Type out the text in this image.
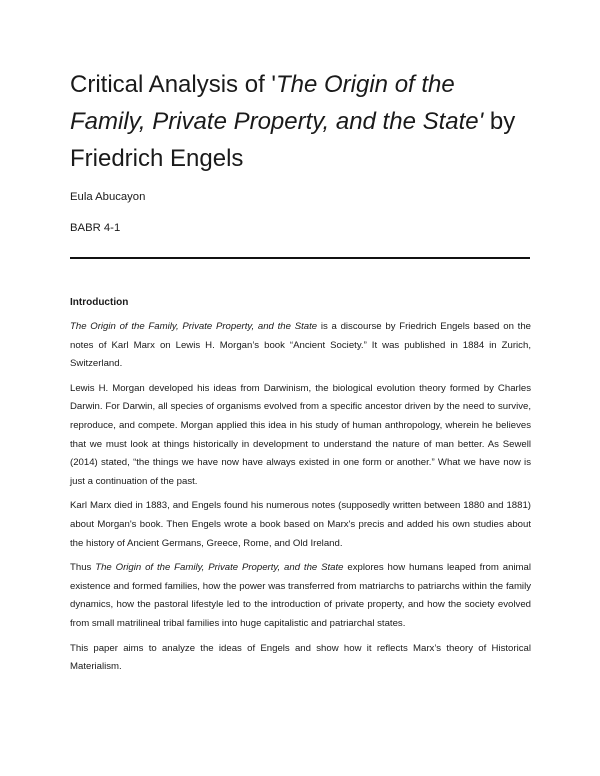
Critical Analysis of 'The Origin of the Family, Private Property, and the State' by Friedrich Engels

Eula Abucayon

BABR 4-1

Introduction

The Origin of the Family, Private Property, and the State is a discourse by Friedrich Engels based on the notes of Karl Marx on Lewis H. Morgan’s book “Ancient Society.” It was published in 1884 in Zurich, Switzerland.

Lewis H. Morgan developed his ideas from Darwinism, the biological evolution theory formed by Charles Darwin. For Darwin, all species of organisms evolved from a specific ancestor driven by the need to survive, reproduce, and compete. Morgan applied this idea in his study of human anthropology, wherein he believes that we must look at things historically in development to understand the nature of man better. As Sewell (2014) stated, “the things we have now have always existed in one form or another.” What we have now is just a continuation of the past.

Karl Marx died in 1883, and Engels found his numerous notes (supposedly written between 1880 and 1881) about Morgan's book. Then Engels wrote a book based on Marx's precis and added his own studies about the history of Ancient Germans, Greece, Rome, and Old Ireland.

Thus The Origin of the Family, Private Property, and the State explores how humans leaped from animal existence and formed families, how the power was transferred from matriarchs to patriarchs within the family dynamics, how the pastoral lifestyle led to the introduction of private property, and how the society evolved from small matrilineal tribal families into huge capitalistic and patriarchal states.

This paper aims to analyze the ideas of Engels and show how it reflects Marx’s theory of Historical Materialism.
